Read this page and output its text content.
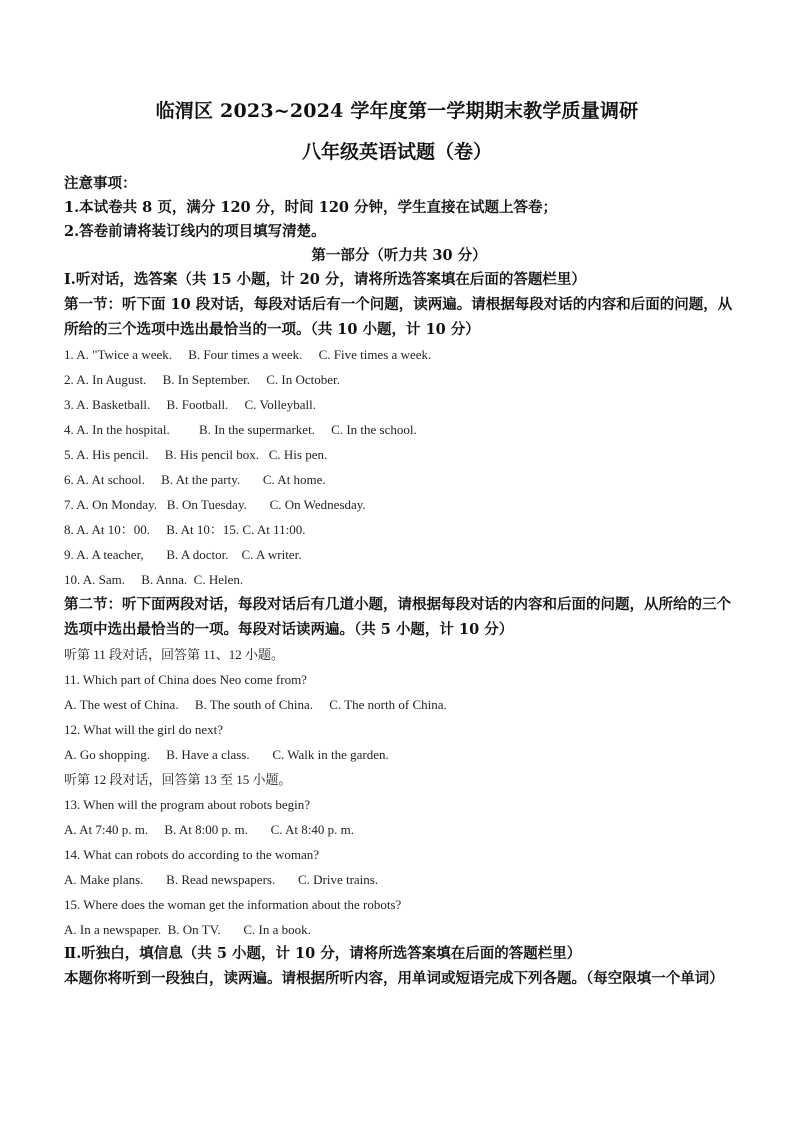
临渭区 2023~2024 学年度第一学期期末教学质量调研
八年级英语试题（卷）
注意事项：
1.本试卷共 8 页，满分 120 分，时间 120 分钟，学生直接在试题上答卷；
2.答卷前请将装订线内的项目填写清楚。
第一部分（听力共 30 分）
Ⅰ.听对话，选答案（共 15 小题，计 20 分，请将所选答案填在后面的答题栏里）
第一节：听下面 10 段对话，每段对话后有一个问题，读两遍。请根据每段对话的内容和后面的问题，从所给的三个选项中选出最恰当的一项。（共 10 小题，计 10 分）
1. A. "Twice a week.     B. Four times a week.     C. Five times a week.
2. A. In August.     B. In September.     C. In October.
3. A. Basketball.     B. Football.     C. Volleyball.
4. A. In the hospital.         B. In the supermarket.     C. In the school.
5. A. His pencil.     B. His pencil box.   C. His pen.
6. A. At school.     B. At the party.       C. At home.
7. A. On Monday.   B. On Tuesday.       C. On Wednesday.
8. A. At 10：00.     B. At 10：15. C. At 11:00.
9. A. A teacher,       B. A doctor.    C. A writer.
10. A. Sam.     B. Anna.  C. Helen.
第二节：听下面两段对话，每段对话后有几道小题，请根据每段对话的内容和后面的问题，从所给的三个选项中选出最恰当的一项。每段对话读两遍。（共 5 小题，计 10 分）
听第 11 段对话，回答第 11、12 小题。
11. Which part of China does Neo come from?
A. The west of China.     B. The south of China.     C. The north of China.
12. What will the girl do next?
A. Go shopping.     B. Have a class.       C. Walk in the garden.
听第 12 段对话，回答第 13 至 15 小题。
13. When will the program about robots begin?
A. At 7:40 p. m.     B. At 8:00 p. m.       C. At 8:40 p. m.
14. What can robots do according to the woman?
A. Make plans.       B. Read newspapers.       C. Drive trains.
15. Where does the woman get the information about the robots?
A. In a newspaper.  B. On TV.       C. In a book.
Ⅱ.听独白，填信息（共 5 小题，计 10 分，请将所选答案填在后面的答题栏里）
本题你将听到一段独白，读两遍。请根据所听内容，用单词或短语完成下列各题。（每空限填一个单词）
